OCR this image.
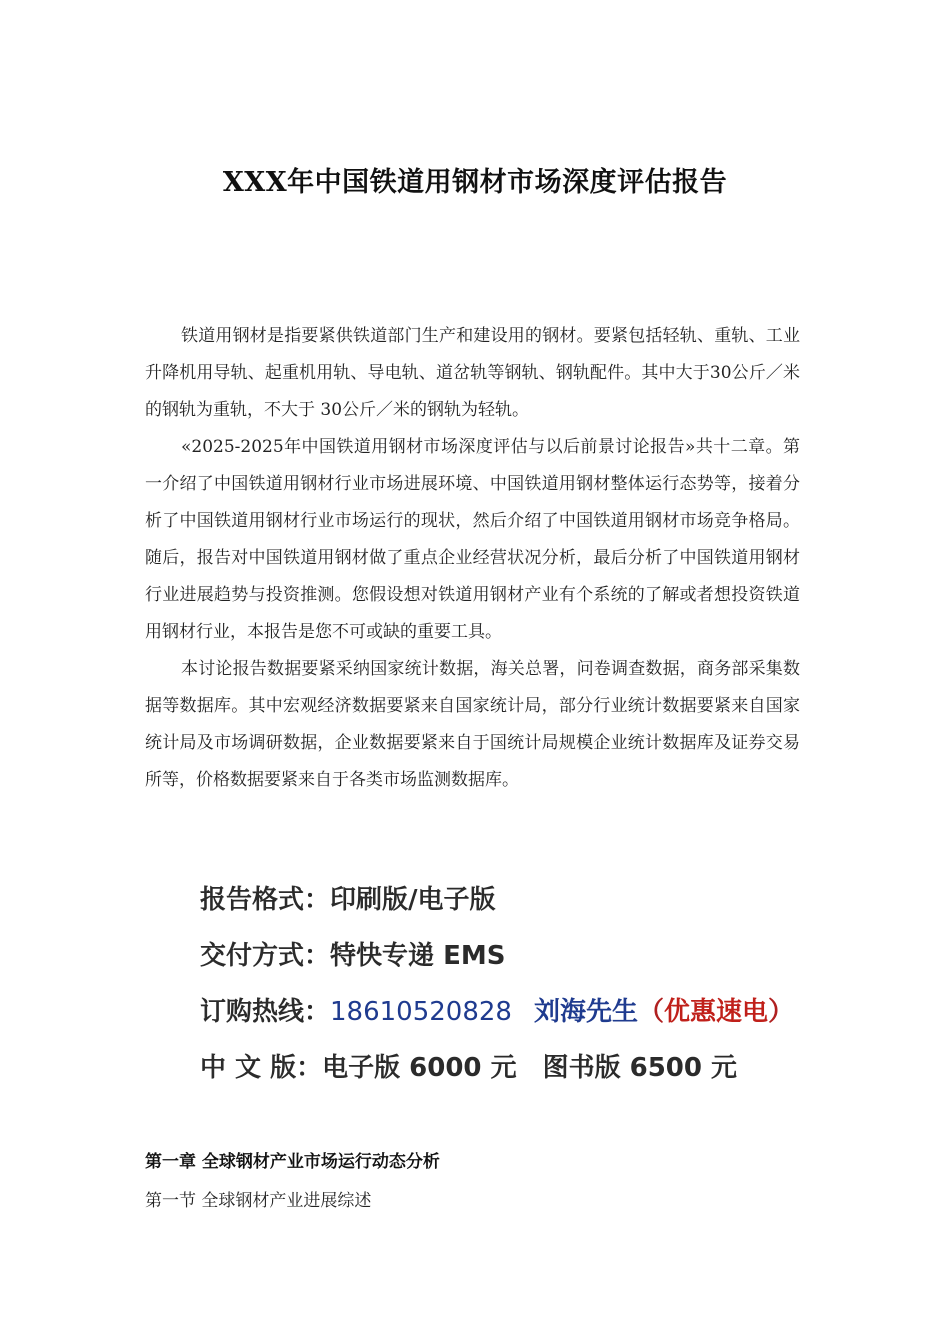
XXX年中国铁道用钢材市场深度评估报告

铁道用钢材是指要紧供铁道部门生产和建设用的钢材。要紧包括轻轨、重轨、工业升降机用导轨、起重机用轨、导电轨、道岔轨等钢轨、钢轨配件。其中大于30公斤／米的钢轨为重轨，不大于 30公斤／米的钢轨为轻轨。

«2025-2025年中国铁道用钢材市场深度评估与以后前景讨论报告»共十二章。第一介绍了中国铁道用钢材行业市场进展环境、中国铁道用钢材整体运行态势等，接着分析了中国铁道用钢材行业市场运行的现状，然后介绍了中国铁道用钢材市场竞争格局。随后，报告对中国铁道用钢材做了重点企业经营状况分析，最后分析了中国铁道用钢材行业进展趋势与投资推测。您假设想对铁道用钢材产业有个系统的了解或者想投资铁道用钢材行业，本报告是您不可或缺的重要工具。

本讨论报告数据要紧采纳国家统计数据，海关总署，问卷调查数据，商务部采集数据等数据库。其中宏观经济数据要紧来自国家统计局，部分行业统计数据要紧来自国家统计局及市场调研数据，企业数据要紧来自于国统计局规模企业统计数据库及证券交易所等，价格数据要紧来自于各类市场监测数据库。

报告格式：印刷版/电子版
交付方式：特快专递 EMS
订购热线：18610520828 刘海先生（优惠速电）
中 文 版：电子版 6000 元 图书版 6500 元
第一章 全球钢材产业市场运行动态分析
第一节 全球钢材产业进展综述
